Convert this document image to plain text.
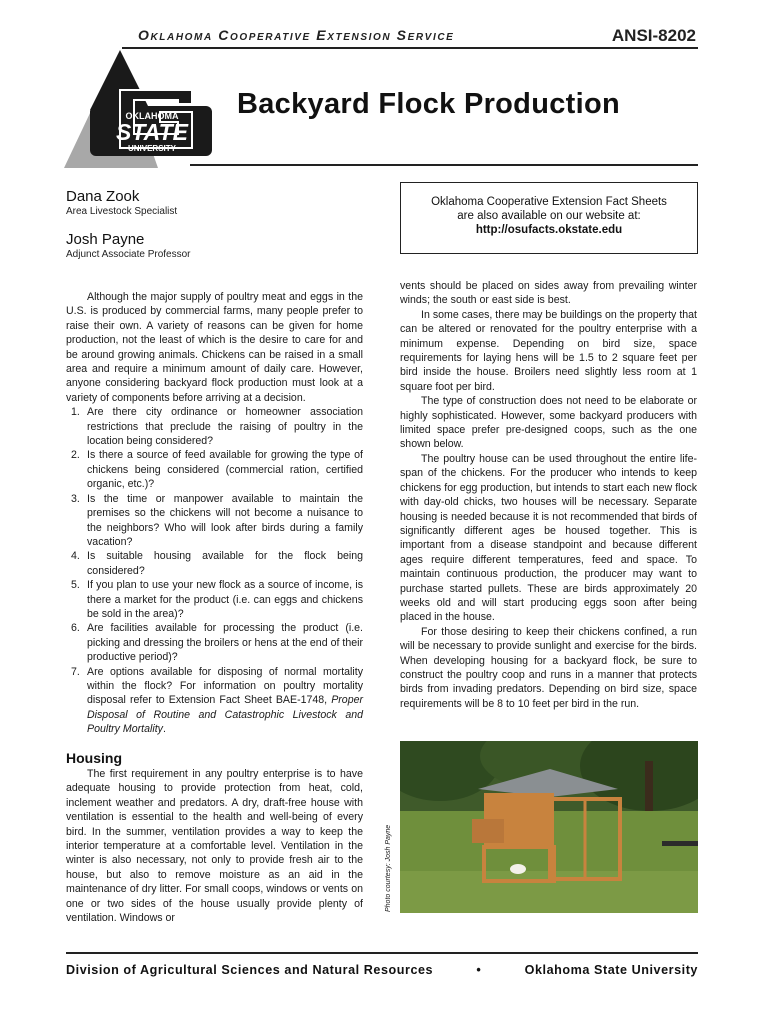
Oklahoma Cooperative Extension Service	ANSI-8202
OKLAHOMA
STATE
UNIVERSITY
Backyard Flock Production
Dana Zook
Area Livestock Specialist
Josh Payne
Adjunct Associate Professor
Oklahoma Cooperative Extension Fact Sheets
are also available on our website at:
http://osufacts.okstate.edu

Although the major supply of poultry meat and eggs in the U.S. is produced by commercial farms, many people prefer to raise their own. A variety of reasons can be given for home production, not the least of which is the desire to care for and be around growing animals. Chickens can be raised in a small area and require a minimum amount of daily care. However, anyone considering backyard flock production must look at a variety of components before arriving at a decision.

1. Are there city ordinance or homeowner association restrictions that preclude the raising of poultry in the location being considered?
2. Is there a source of feed available for growing the type of chickens being considered (commercial ration, certified organic, etc.)?
3. Is the time or manpower available to maintain the premises so the chickens will not become a nuisance to the neighbors? Who will look after birds during a family vacation?
4. Is suitable housing available for the flock being considered?
5. If you plan to use your new flock as a source of income, is there a market for the product (i.e. can eggs and chickens be sold in the area)?
6. Are facilities available for processing the product (i.e. picking and dressing the broilers or hens at the end of their productive period)?
7. Are options available for disposing of normal mortality within the flock? For information on poultry mortality disposal refer to Extension Fact Sheet BAE-1748, Proper Disposal of Routine and Catastrophic Livestock and Poultry Mortality.
Housing

The first requirement in any poultry enterprise is to have adequate housing to provide protection from heat, cold, inclement weather and predators. A dry, draft-free house with ventilation is essential to the health and well-being of every bird. In the summer, ventilation provides a way to keep the interior temperature at a comfortable level. Ventilation in the winter is also necessary, not only to provide fresh air to the house, but also to remove moisture as an aid in the maintenance of dry litter. For small coops, windows or vents on one or two sides of the house usually provide plenty of ventilation. Windows or

vents should be placed on sides away from prevailing winter winds; the south or east side is best.

In some cases, there may be buildings on the property that can be altered or renovated for the poultry enterprise with a minimum expense. Depending on bird size, space requirements for laying hens will be 1.5 to 2 square feet per bird inside the house. Broilers need slightly less room at 1 square foot per bird.

The type of construction does not need to be elaborate or highly sophisticated. However, some backyard producers with limited space prefer pre-designed coops, such as the one shown below.

The poultry house can be used throughout the entire life-span of the chickens. For the producer who intends to keep chickens for egg production, but intends to start each new flock with day-old chicks, two houses will be necessary. Separate housing is needed because it is not recommended that birds of significantly different ages be housed together. This is important from a disease standpoint and because different ages require different temperatures, feed and space. To maintain continuous production, the producer may want to purchase started pullets. These are birds approximately 20 weeks old and will start producing eggs soon after being placed in the house.

For those desiring to keep their chickens confined, a run will be necessary to provide sunlight and exercise for the birds. When developing housing for a backyard flock, be sure to construct the poultry coop and runs in a manner that protects birds from invading predators. Depending on bird size, space requirements will be 8 to 10 feet per bird in the run.

Photo courtesy: Josh Payne
Division of Agricultural Sciences and Natural Resources	•	Oklahoma State University
